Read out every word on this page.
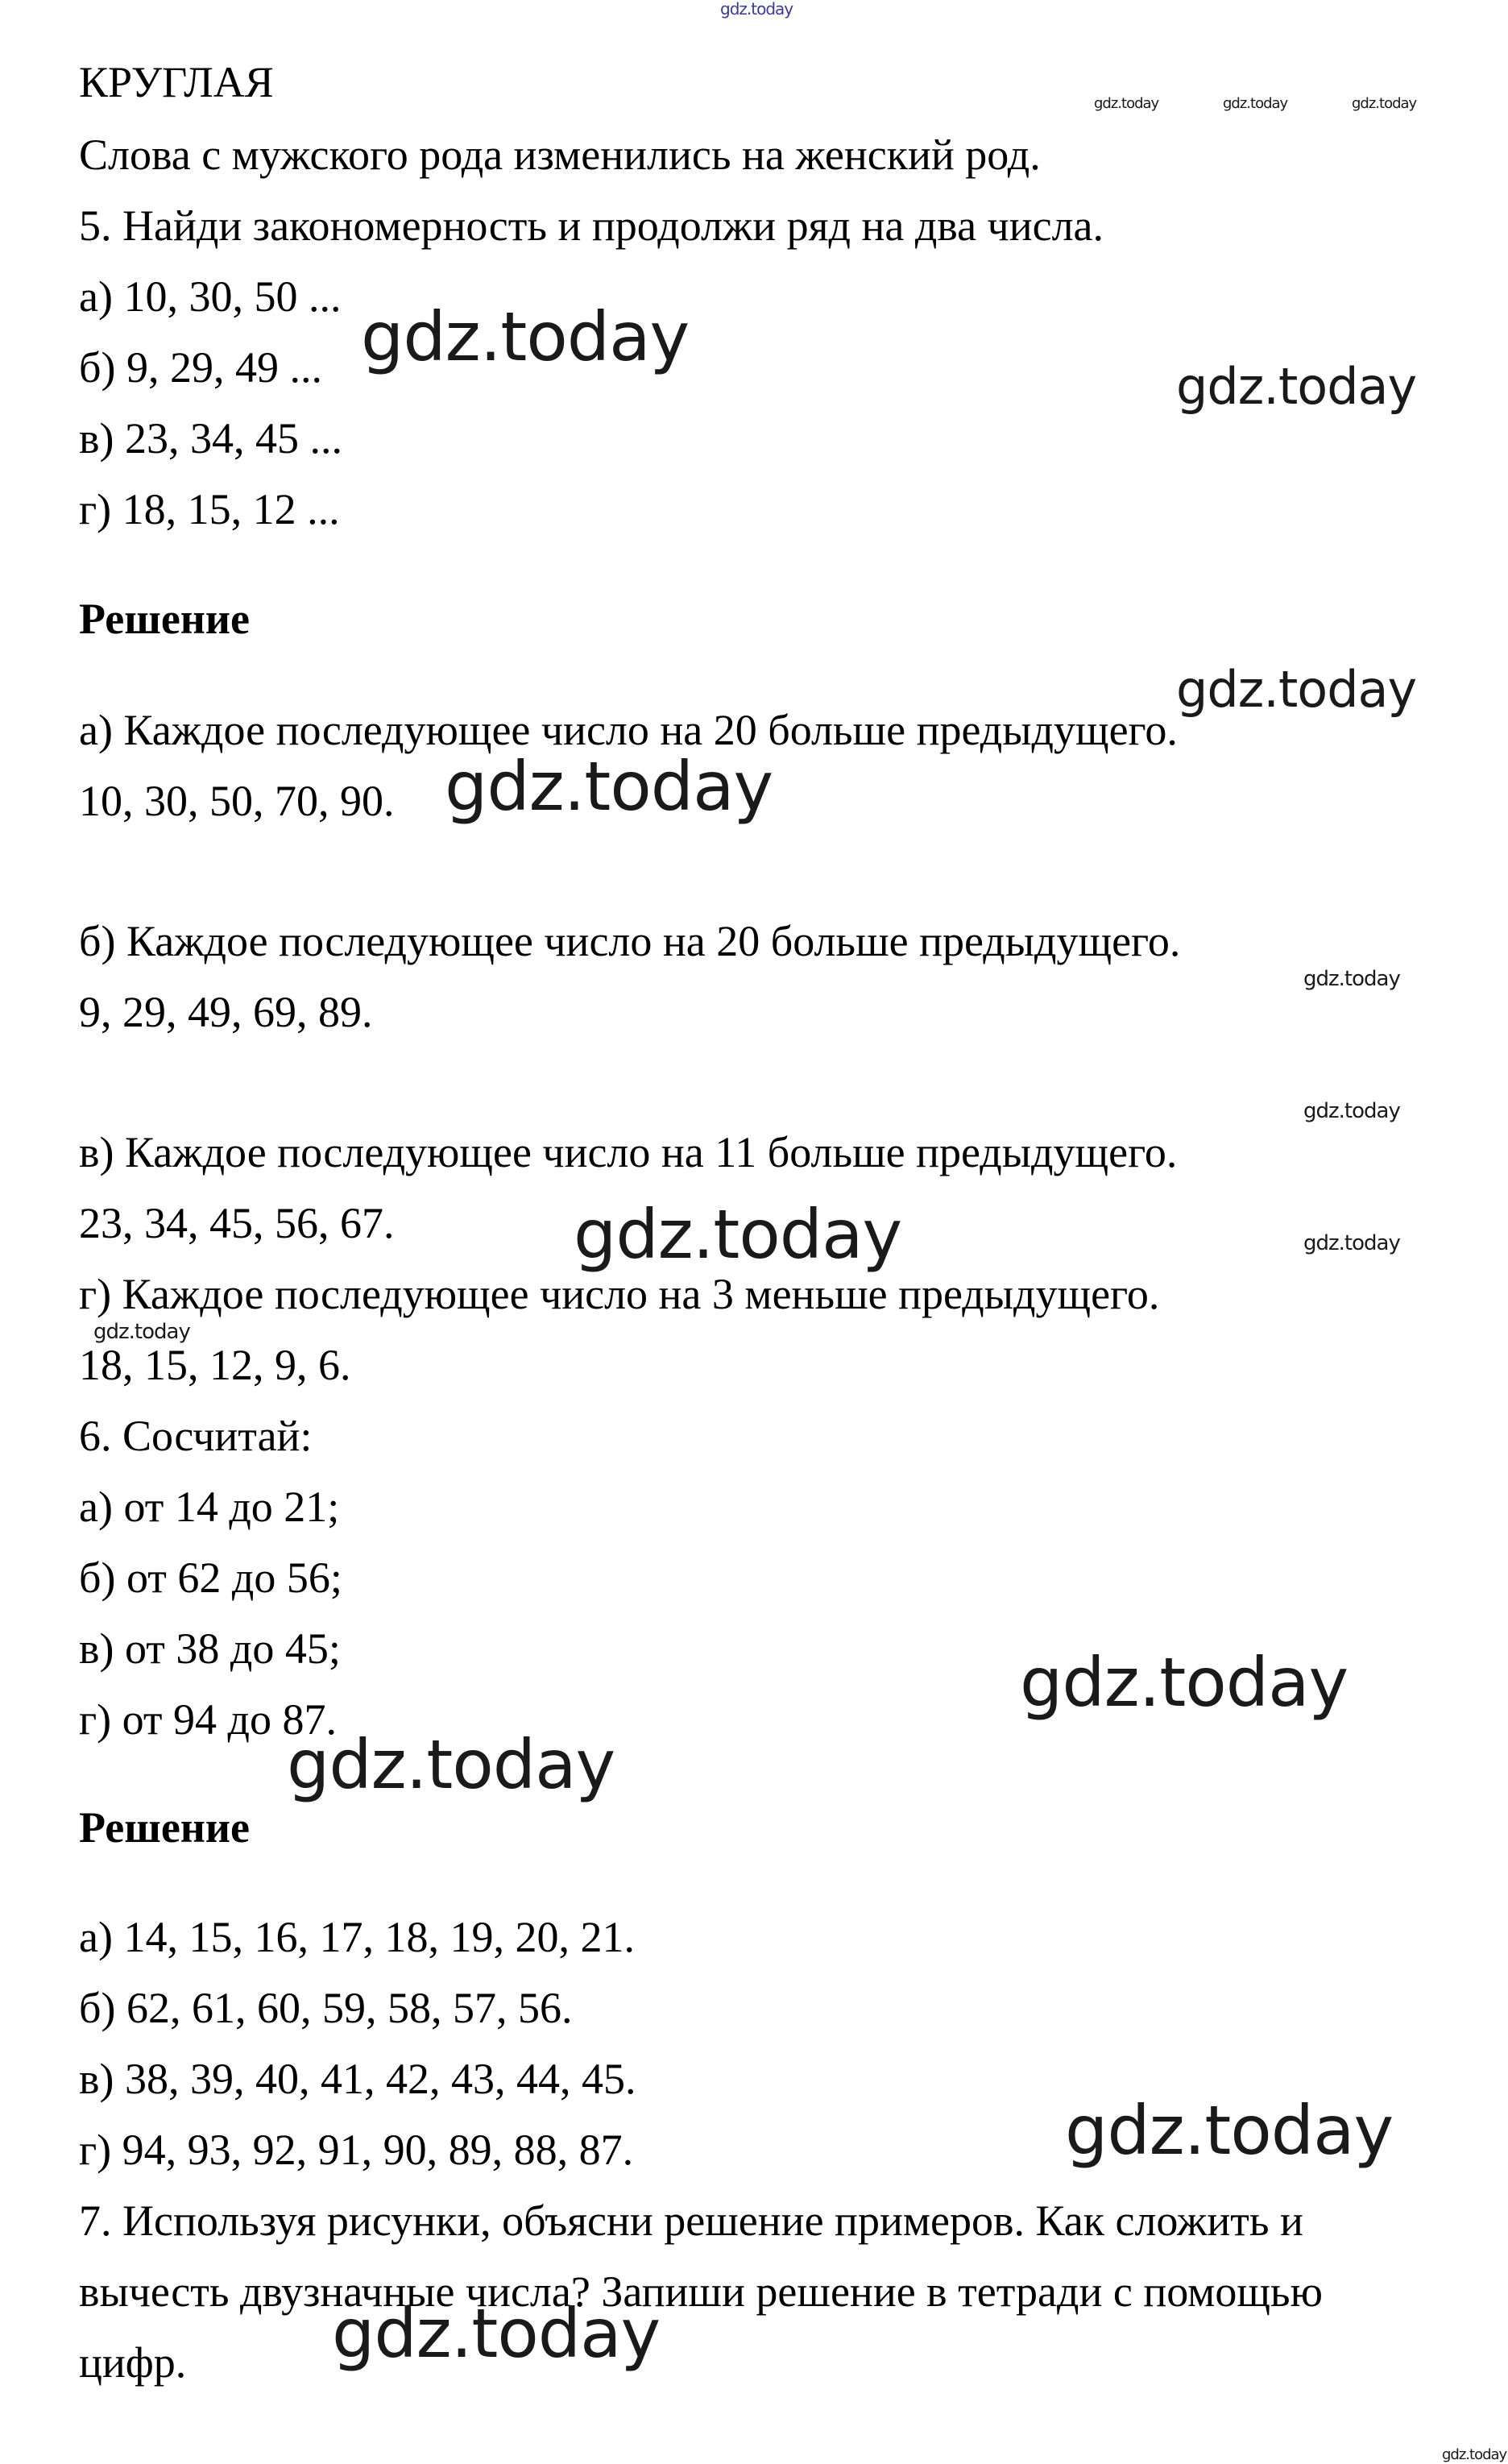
gdz.today
КРУГЛАЯ
Слова с мужского рода изменились на женский род.
5. Найди закономерность и продолжи ряд на два числа.
а) 10, 30, 50 ...
б) 9, 29, 49 ...
в) 23, 34, 45 ...
г) 18, 15, 12 ...
Решение
а) Каждое последующее число на 20 больше предыдущего.
10, 30, 50, 70, 90.
б) Каждое последующее число на 20 больше предыдущего.
9, 29, 49, 69, 89.
в) Каждое последующее число на 11 больше предыдущего.
23, 34, 45, 56, 67.
г) Каждое последующее число на 3 меньше предыдущего.
18, 15, 12, 9, 6.
6. Сосчитай:
а) от 14 до 21;
б) от 62 до 56;
в) от 38 до 45;
г) от 94 до 87.
Решение
а) 14, 15, 16, 17, 18, 19, 20, 21.
б) 62, 61, 60, 59, 58, 57, 56.
в) 38, 39, 40, 41, 42, 43, 44, 45.
г) 94, 93, 92, 91, 90, 89, 88, 87.
7. Используя рисунки, объясни решение примеров. Как сложить и
вычесть двузначные числа? Запиши решение в тетради с помощью
цифр.
gdz.today	gdz.today	gdz.today
gdz.today
gdz.today
gdz.today
gdz.today
gdz.today
gdz.today
gdz.today	gdz.today
gdz.today
gdz.today
gdz.today
gdz.today
gdz.today
gdz.today
